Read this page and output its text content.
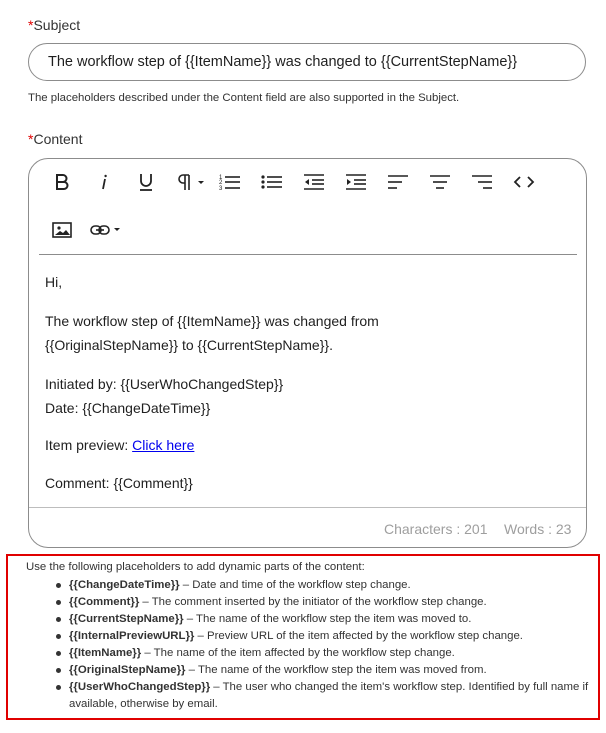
*Subject
The workflow step of {{ItemName}} was changed to {{CurrentStepName}}
The placeholders described under the Content field are also supported in the Subject.
*Content
1
2
3
Hi,
The workflow step of {{ItemName}} was changed from
{{OriginalStepName}} to {{CurrentStepName}}.
Initiated by: {{UserWhoChangedStep}}
Date: {{ChangeDateTime}}
Item preview: Click here
Comment: {{Comment}}
Characters : 201 Words : 23
Use the following placeholders to add dynamic parts of the content:
{{ChangeDateTime}} – Date and time of the workflow step change.
{{Comment}} – The comment inserted by the initiator of the workflow step change.
{{CurrentStepName}} – The name of the workflow step the item was moved to.
{{InternalPreviewURL}} – Preview URL of the item affected by the workflow step change.
{{ItemName}} – The name of the item affected by the workflow step change.
{{OriginalStepName}} – The name of the workflow step the item was moved from.
{{UserWhoChangedStep}} – The user who changed the item's workflow step. Identified by full name if available, otherwise by email.
